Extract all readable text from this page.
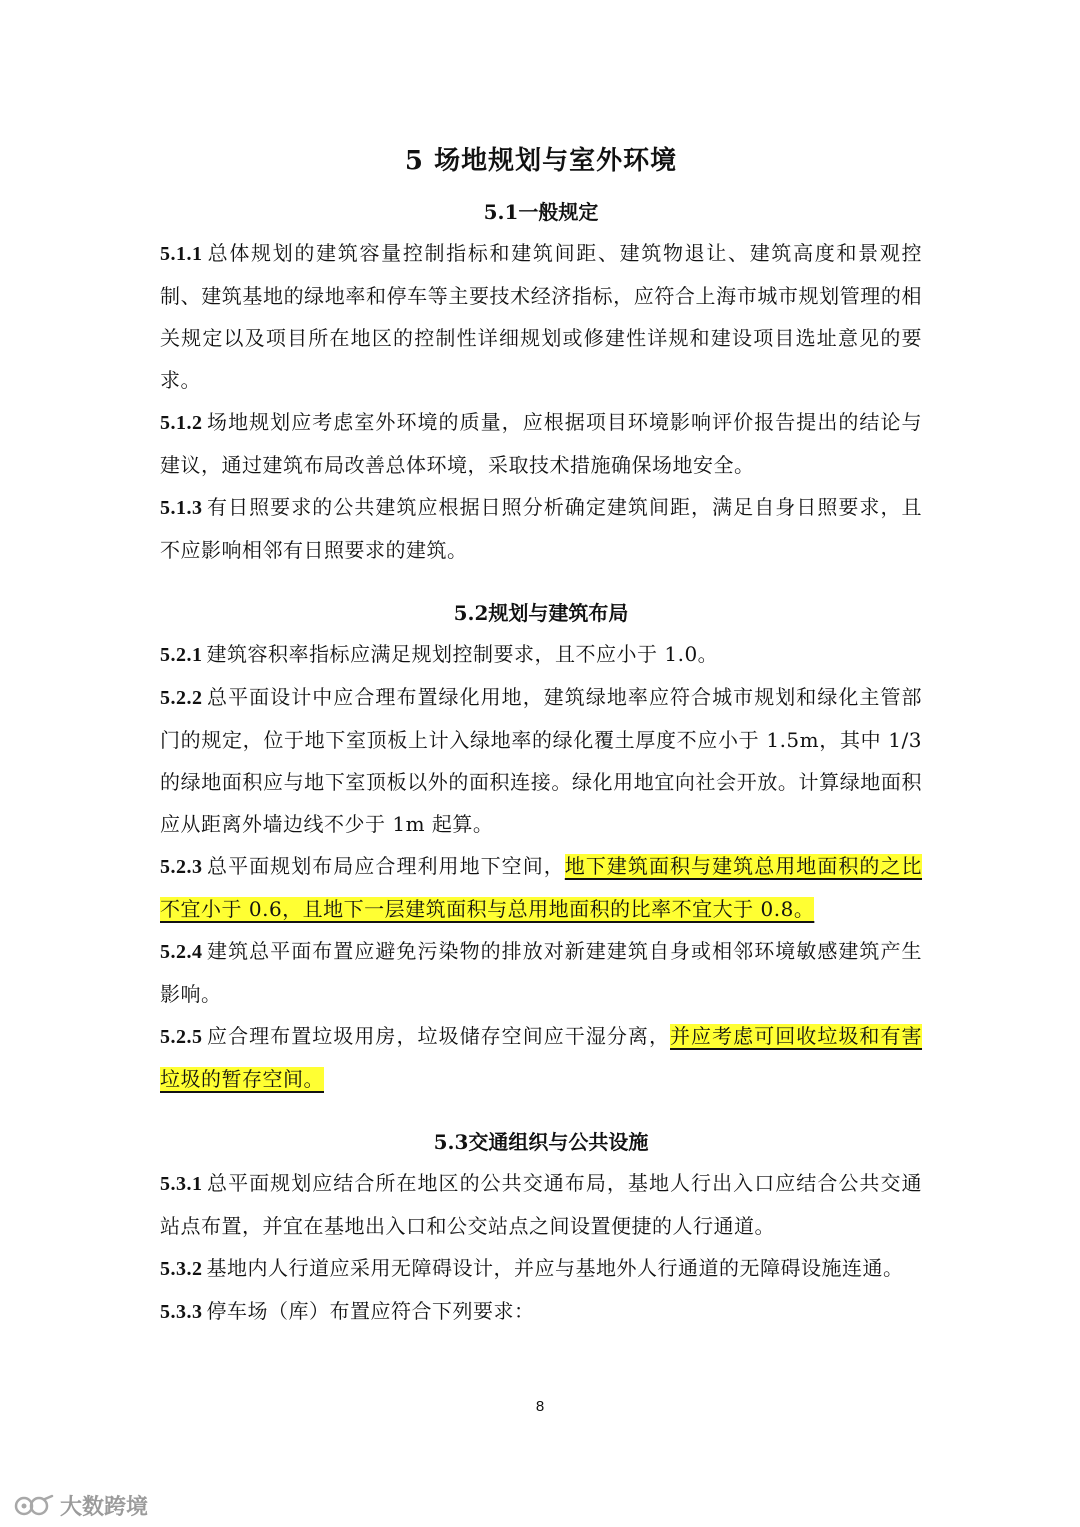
5 场地规划与室外环境
5.1一般规定

5.1.1 总体规划的建筑容量控制指标和建筑间距、建筑物退让、建筑高度和景观控制、建筑基地的绿地率和停车等主要技术经济指标，应符合上海市城市规划管理的相关规定以及项目所在地区的控制性详细规划或修建性详规和建设项目选址意见的要求。

5.1.2 场地规划应考虑室外环境的质量，应根据项目环境影响评价报告提出的结论与建议，通过建筑布局改善总体环境，采取技术措施确保场地安全。

5.1.3 有日照要求的公共建筑应根据日照分析确定建筑间距，满足自身日照要求，且不应影响相邻有日照要求的建筑。

5.2规划与建筑布局

5.2.1 建筑容积率指标应满足规划控制要求，且不应小于 1.0。

5.2.2 总平面设计中应合理布置绿化用地，建筑绿地率应符合城市规划和绿化主管部门的规定，位于地下室顶板上计入绿地率的绿化覆土厚度不应小于 1.5m，其中 1/3 的绿地面积应与地下室顶板以外的面积连接。绿化用地宜向社会开放。计算绿地面积应从距离外墙边线不少于 1m 起算。

5.2.3 总平面规划布局应合理利用地下空间，地下建筑面积与建筑总用地面积的之比不宜小于 0.6，且地下一层建筑面积与总用地面积的比率不宜大于 0.8。

5.2.4 建筑总平面布置应避免污染物的排放对新建建筑自身或相邻环境敏感建筑产生影响。

5.2.5 应合理布置垃圾用房，垃圾储存空间应干湿分离，并应考虑可回收垃圾和有害垃圾的暂存空间。

5.3交通组织与公共设施

5.3.1 总平面规划应结合所在地区的公共交通布局，基地人行出入口应结合公共交通站点布置，并宜在基地出入口和公交站点之间设置便捷的人行通道。

5.3.2 基地内人行道应采用无障碍设计，并应与基地外人行通道的无障碍设施连通。

5.3.3 停车场（库）布置应符合下列要求：

8
大数跨境
